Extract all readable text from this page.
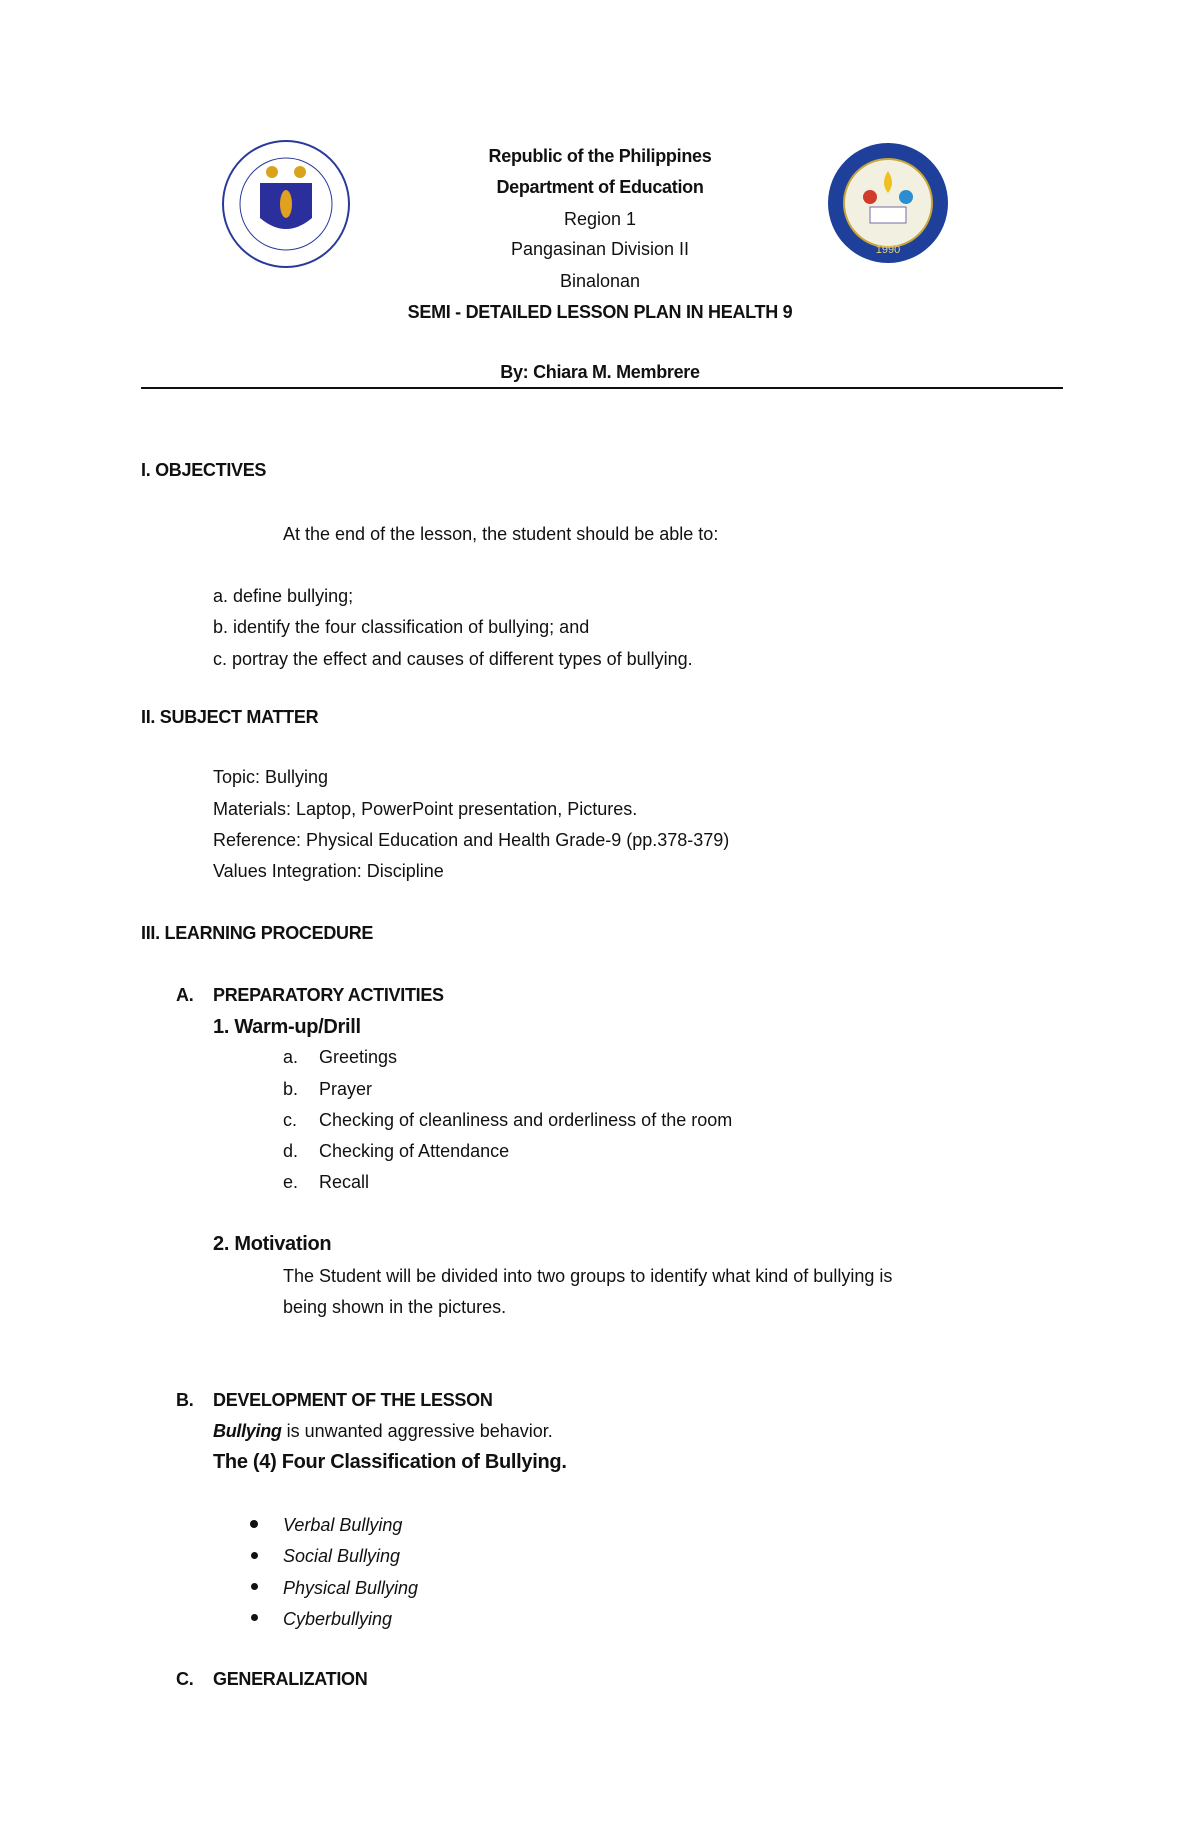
1990
Republic of the Philippines
Department of Education
Region 1
Pangasinan Division II
Binalonan
SEMI - DETAILED LESSON PLAN IN HEALTH 9
By: Chiara M. Membrere
I. OBJECTIVES
At the end of the lesson, the student should be able to:
a. define bullying;
b. identify the four classification of bullying; and
c. portray the effect and causes of different types of bullying.
II. SUBJECT MATTER
Topic: Bullying
Materials: Laptop, PowerPoint presentation, Pictures.
Reference: Physical Education and Health Grade-9 (pp.378-379)
Values Integration: Discipline
III. LEARNING PROCEDURE
A. PREPARATORY ACTIVITIES
1. Warm-up/Drill
a. Greetings
b. Prayer
c. Checking of cleanliness and orderliness of the room
d. Checking of Attendance
e. Recall
2. Motivation
The Student will be divided into two groups to identify what kind of bullying is
being shown in the pictures.
B. DEVELOPMENT OF THE LESSON
Bullying is unwanted aggressive behavior.
The (4) Four Classification of Bullying.
Verbal Bullying
Social Bullying
Physical Bullying
Cyberbullying
C. GENERALIZATION
